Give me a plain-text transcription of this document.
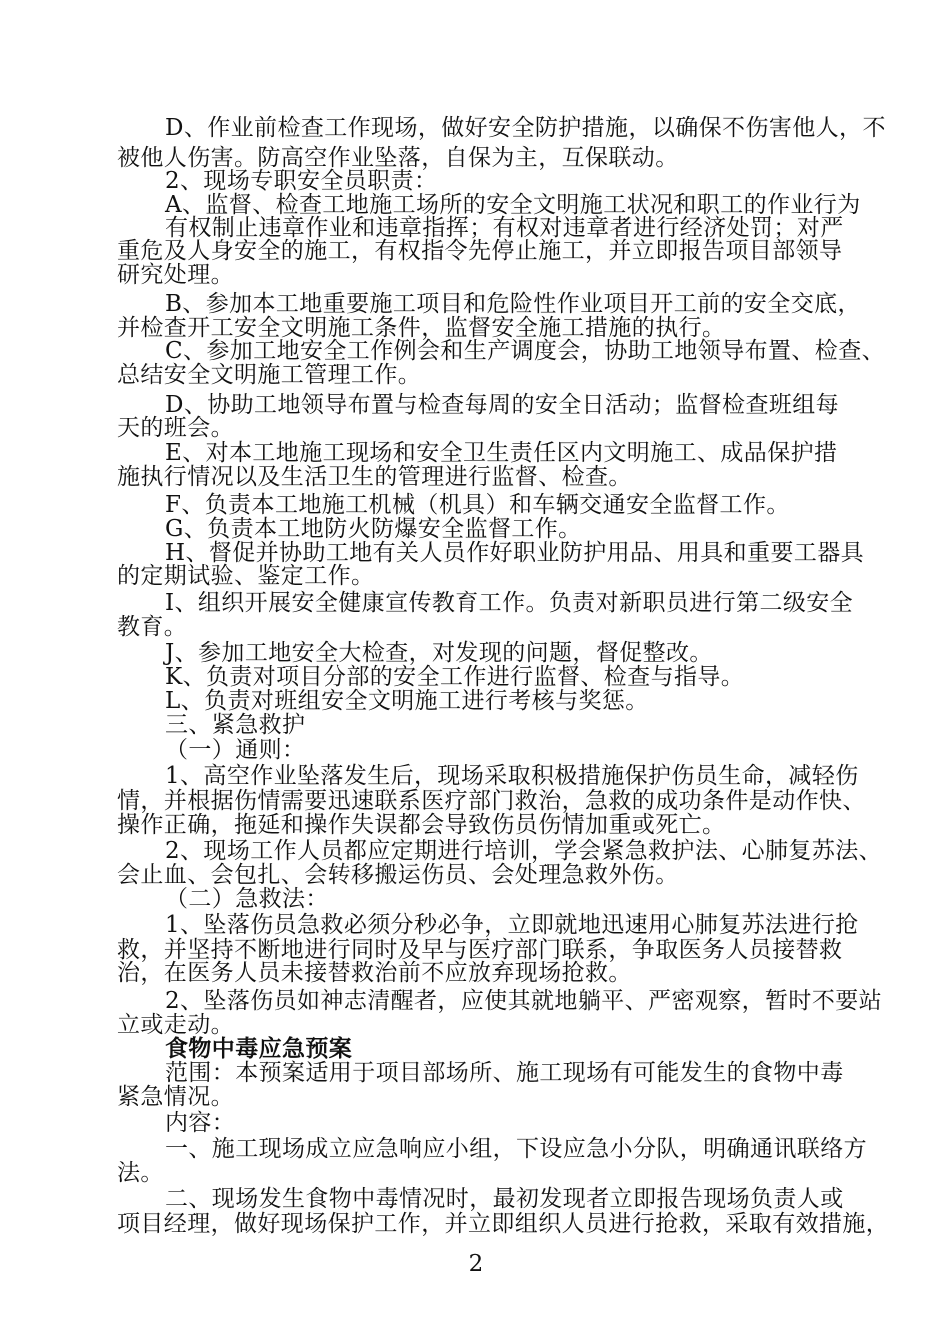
D、作业前检查工作现场，做好安全防护措施，以确保不伤害他人，不
被他人伤害。防高空作业坠落，自保为主，互保联动。
2、现场专职安全员职责：
A、监督、检查工地施工场所的安全文明施工状况和职工的作业行为
有权制止违章作业和违章指挥；有权对违章者进行经济处罚；对严
重危及人身安全的施工，有权指令先停止施工，并立即报告项目部领导
研究处理。
B、参加本工地重要施工项目和危险性作业项目开工前的安全交底，
并检查开工安全文明施工条件，监督安全施工措施的执行。
C、参加工地安全工作例会和生产调度会，协助工地领导布置、检查、
总结安全文明施工管理工作。
D、协助工地领导布置与检查每周的安全日活动；监督检查班组每
天的班会。
E、对本工地施工现场和安全卫生责任区内文明施工、成品保护措
施执行情况以及生活卫生的管理进行监督、检查。
F、负责本工地施工机械（机具）和车辆交通安全监督工作。
G、负责本工地防火防爆安全监督工作。
H、督促并协助工地有关人员作好职业防护用品、用具和重要工器具
的定期试验、鉴定工作。
I、组织开展安全健康宣传教育工作。负责对新职员进行第二级安全
教育。
J、参加工地安全大检查，对发现的问题，督促整改。
K、负责对项目分部的安全工作进行监督、检查与指导。
L、负责对班组安全文明施工进行考核与奖惩。
三、紧急救护
（一）通则：
1、高空作业坠落发生后，现场采取积极措施保护伤员生命，减轻伤
情，并根据伤情需要迅速联系医疗部门救治，急救的成功条件是动作快、
操作正确，拖延和操作失误都会导致伤员伤情加重或死亡。
2、现场工作人员都应定期进行培训，学会紧急救护法、心肺复苏法、
会止血、会包扎、会转移搬运伤员、会处理急救外伤。
（二）急救法：
1、坠落伤员急救必须分秒必争，立即就地迅速用心肺复苏法进行抢
救，并坚持不断地进行同时及早与医疗部门联系，争取医务人员接替救
治，在医务人员未接替救治前不应放弃现场抢救。
2、坠落伤员如神志清醒者，应使其就地躺平、严密观察，暂时不要站
立或走动。
食物中毒应急预案
范围：本预案适用于项目部场所、施工现场有可能发生的食物中毒
紧急情况。
内容：
一、施工现场成立应急响应小组，下设应急小分队，明确通讯联络方
法。
二、现场发生食物中毒情况时，最初发现者立即报告现场负责人或
项目经理，做好现场保护工作，并立即组织人员进行抢救，采取有效措施，
2
